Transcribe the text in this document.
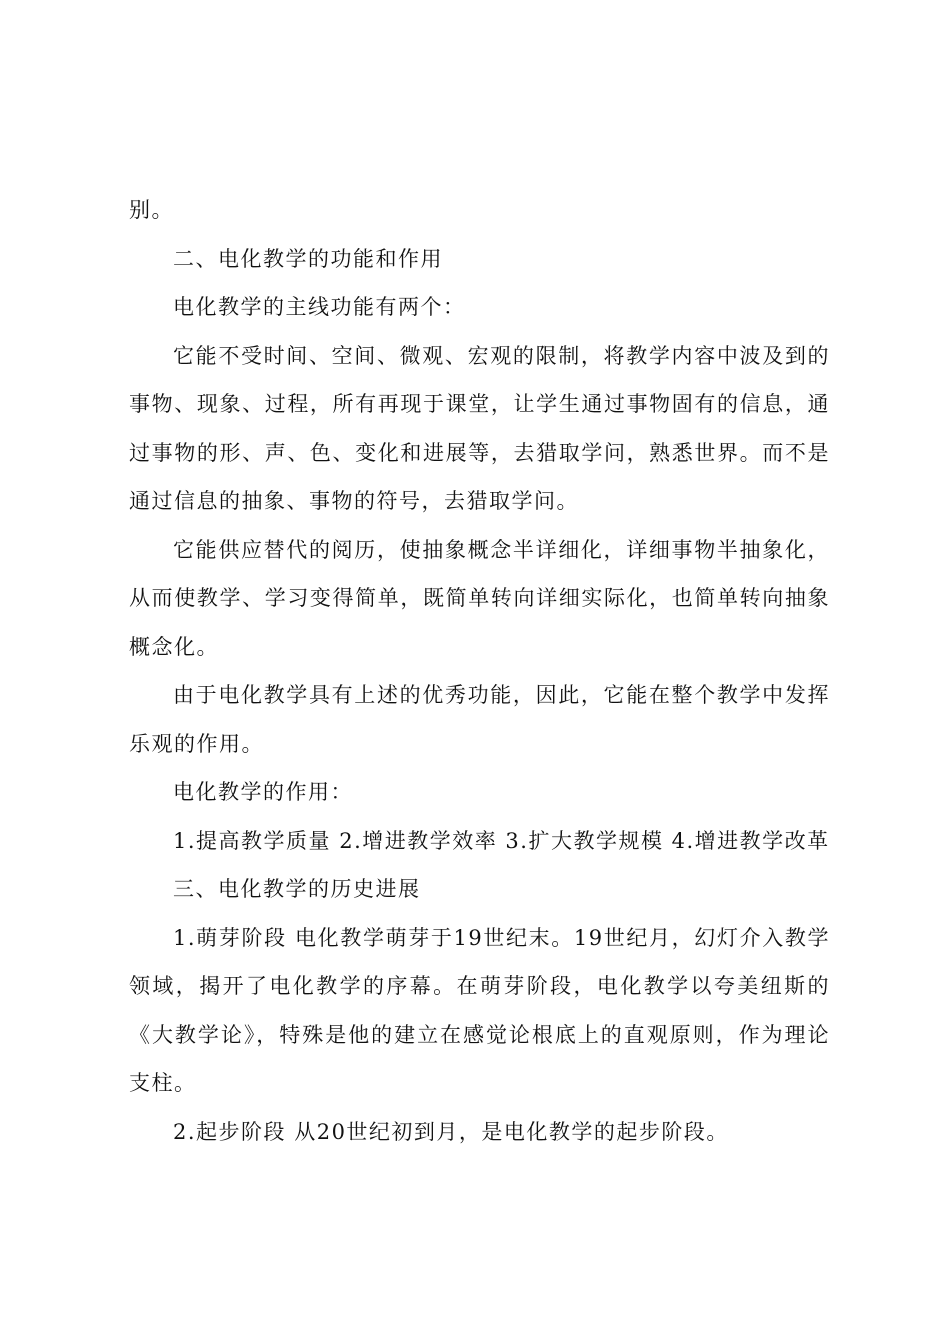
别。

二、电化教学的功能和作用

电化教学的主线功能有两个：

它能不受时间、空间、微观、宏观的限制，将教学内容中波及到的事物、现象、过程，所有再现于课堂，让学生通过事物固有的信息，通过事物的形、声、色、变化和进展等，去猎取学问，熟悉世界。而不是通过信息的抽象、事物的符号，去猎取学问。

它能供应替代的阅历，使抽象概念半详细化，详细事物半抽象化，从而使教学、学习变得简单，既简单转向详细实际化，也简单转向抽象概念化。

由于电化教学具有上述的优秀功能，因此，它能在整个教学中发挥乐观的作用。

电化教学的作用：

1.提高教学质量 2.增进教学效率 3.扩大教学规模 4.增进教学改革

三、电化教学的历史进展

1.萌芽阶段 电化教学萌芽于19世纪末。19世纪月，幻灯介入教学领域，揭开了电化教学的序幕。在萌芽阶段，电化教学以夸美纽斯的《大教学论》，特殊是他的建立在感觉论根底上的直观原则，作为理论支柱。

2.起步阶段 从20世纪初到月，是电化教学的起步阶段。
